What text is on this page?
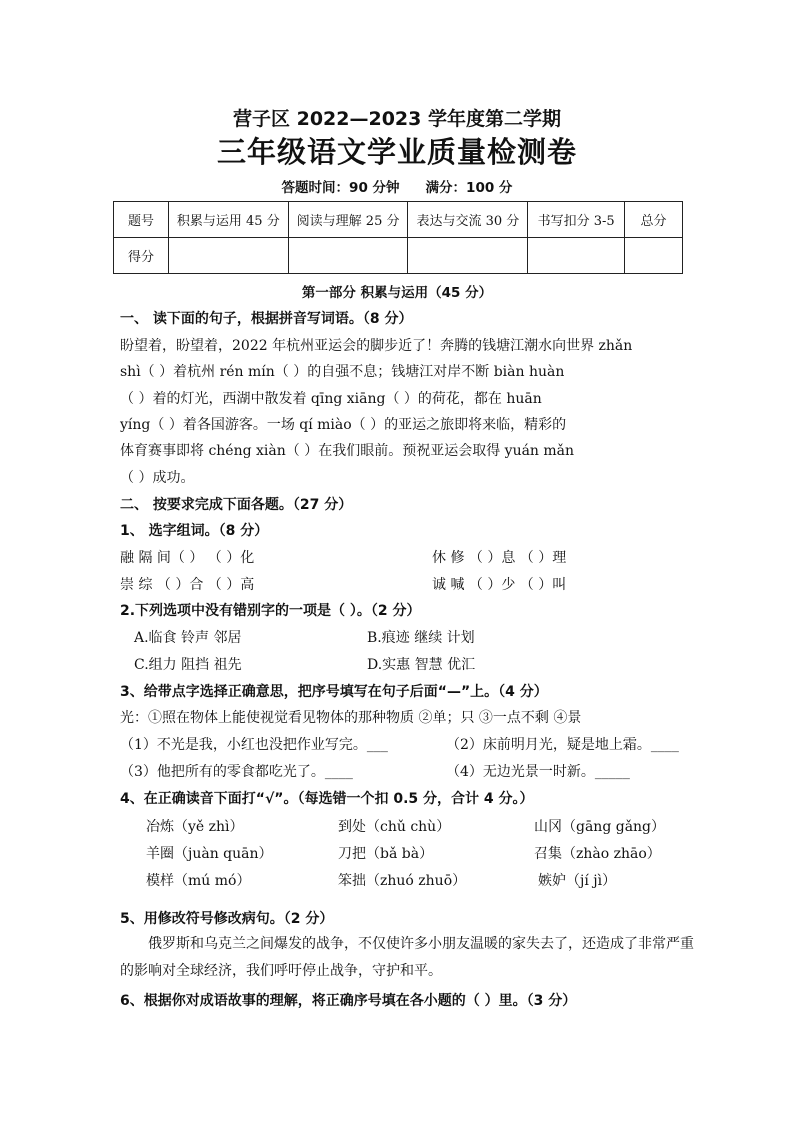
营子区 2022—2023 学年度第二学期
三年级语文学业质量检测卷
答题时间：90 分钟 满分：100 分
题号	积累与运用 45 分	阅读与理解 25 分	表达与交流 30 分	书写扣分 3-5	总分
得分					
第一部分 积累与运用（45 分）
一、 读下面的句子，根据拼音写词语。（8 分）
盼望着，盼望着，2022 年杭州亚运会的脚步近了！奔腾的钱塘江潮水向世界 zhǎn
shì（ ）着杭州 rén mín（ ）的自强不息；钱塘江对岸不断 biàn huàn
（ ）着的灯光，西湖中散发着 qīng xiāng（ ）的荷花，都在 huān
yíng（ ）着各国游客。一场 qí miào（ ）的亚运之旅即将来临，精彩的
体育赛事即将 chéng xiàn（ ）在我们眼前。预祝亚运会取得 yuán mǎn
（ ）成功。
二、 按要求完成下面各题。（27 分）
1、 选字组词。（8 分）
融 隔 间（ ） （ ）化	休 修 （ ）息 （ ）理
崇 综 （ ）合 （ ）高	诚 喊 （ ）少 （ ）叫
2.下列选项中没有错别字的一项是（ ）。（2 分）
A.临食 铃声 邻居	B.痕迹 继续 计划
C.组力 阻挡 祖先	D.实惠 智慧 优汇
3、给带点字选择正确意思，把序号填写在句子后面“—”上。（4 分）
光：①照在物体上能使视觉看见物体的那种物质 ②单；只 ③一点不剩 ④景
（1）不光是我，小红也没把作业写完。___	（2）床前明月光，疑是地上霜。____
（3）他把所有的零食都吃光了。____	（4）无边光景一时新。_____
4、在正确读音下面打“√”。（每选错一个扣 0.5 分，合计 4 分。）
冶炼（yě zhì）	到处（chǔ chù）	山冈（gāng gǎng）
羊圈（juàn quān）	刀把（bǎ bà）	召集（zhào zhāo）
模样（mú mó）	笨拙（zhuó zhuō）	嫉妒（jí jì）
5、用修改符号修改病句。（2 分）
俄罗斯和乌克兰之间爆发的战争，不仅使许多小朋友温暖的家失去了，还造成了非常严重的影响对全球经济，我们呼吁停止战争，守护和平。
6、根据你对成语故事的理解，将正确序号填在各小题的（ ）里。（3 分）
